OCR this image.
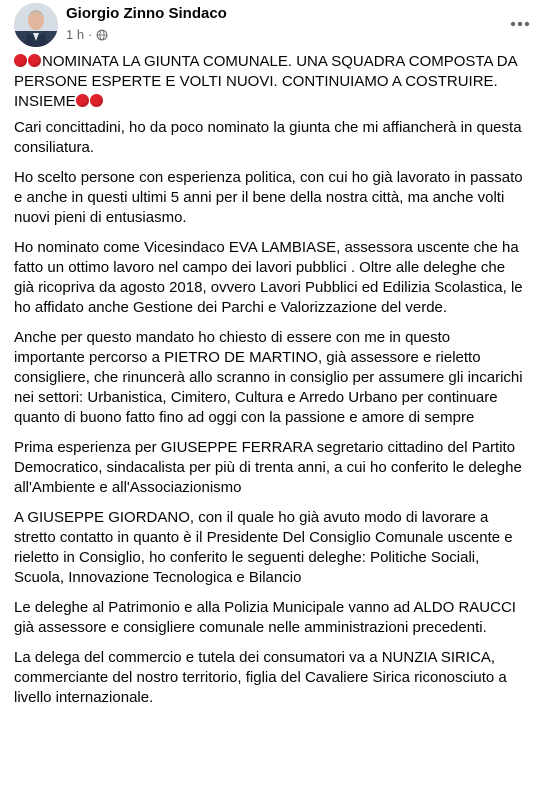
Giorgio Zinno Sindaco
1 h ·

NOMINATA LA GIUNTA COMUNALE. UNA SQUADRA COMPOSTA DA PERSONE ESPERTE E VOLTI NUOVI. CONTINUIAMO A COSTRUIRE. INSIEME

Cari concittadini, ho da poco nominato la giunta che mi affiancherà in questa consiliatura.

Ho scelto persone con esperienza politica, con cui ho già lavorato in passato e anche in questi ultimi 5 anni per il bene della nostra città, ma anche volti nuovi pieni di entusiasmo.

Ho nominato come Vicesindaco EVA LAMBIASE, assessora uscente che ha fatto un ottimo lavoro nel campo dei lavori pubblici . Oltre alle deleghe che già ricopriva da agosto 2018, ovvero Lavori Pubblici ed Edilizia Scolastica, le ho affidato anche Gestione dei Parchi e Valorizzazione del verde.

Anche per questo mandato ho chiesto di essere con me in questo importante percorso a PIETRO DE MARTINO, già assessore e rieletto consigliere, che rinuncerà allo scranno in consiglio per assumere gli incarichi nei settori: Urbanistica, Cimitero, Cultura e Arredo Urbano per continuare quanto di buono fatto fino ad oggi con la passione e amore di sempre

Prima esperienza per GIUSEPPE FERRARA segretario cittadino del Partito Democratico, sindacalista per più di trenta anni, a cui ho conferito le deleghe all'Ambiente e all'Associazionismo

A GIUSEPPE GIORDANO, con il quale ho già avuto modo di lavorare a stretto contatto in quanto è il Presidente Del Consiglio Comunale uscente e rieletto in Consiglio, ho conferito le seguenti deleghe: Politiche Sociali, Scuola, Innovazione Tecnologica e Bilancio

Le deleghe al Patrimonio e alla Polizia Municipale vanno ad ALDO RAUCCI già assessore e consigliere comunale nelle amministrazioni precedenti.

La delega del commercio e tutela dei consumatori va a NUNZIA SIRICA, commerciante del nostro territorio, figlia del Cavaliere Sirica riconosciuto a livello internazionale.
